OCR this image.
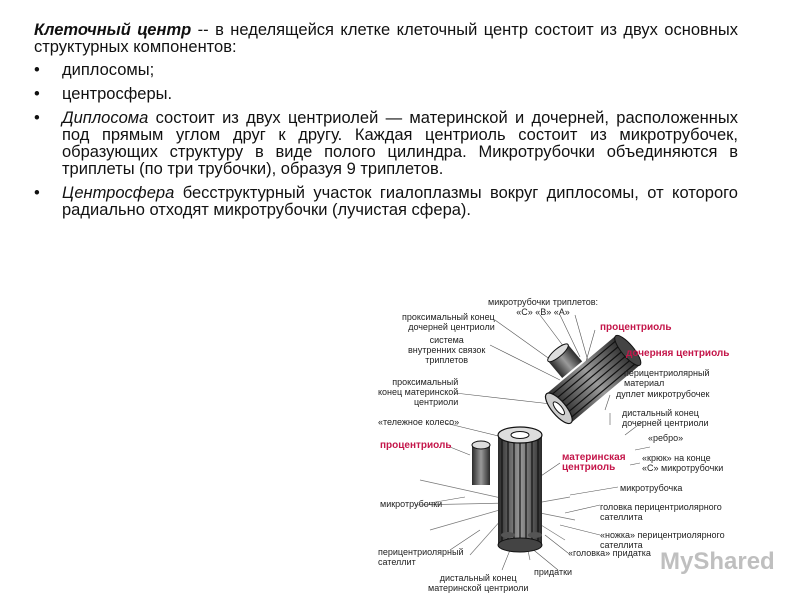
Клеточный центр -- в неделящейся клетке клеточный центр состоит из двух основных структурных компонентов:

• диплосомы;
• центросферы.
• Диплосома состоит из двух центриолей — материнской и дочерней, расположенных под прямым углом друг к другу. Каждая центриоль состоит из микротрубочек, образующих структуру в виде полого цилиндра. Микротрубочки объединяются в триплеты (по три трубочки), образуя 9 триплетов.
• Центросфера бесструктурный участок гиалоплазмы вокруг диплосомы, от которого радиально отходят микротрубочки (лучистая сфера).
микротрубочки триплетов:
«С» «В» «А»
проксимальный конец
дочерней центриоли	процентриоль
система
внутренних связок
триплетов
дочерняя центриоль
перицентриолярный
материал
проксимальный
конец материнской
центриоли
дуплет микротрубочек
«тележное колесо»
дистальный конец
дочерней центриоли
«ребро»
процентриоль
материнская
центриоль
«крюк» на конце
«С» микротрубочки
микротрубочка
микротрубочки	головка перицентриолярного
сателлита
«ножка» перицентриолярного
сателлита
перицентриолярный
сателлит
«головка» придатка
придатки
дистальный конец
материнской центриоли
MyShared
